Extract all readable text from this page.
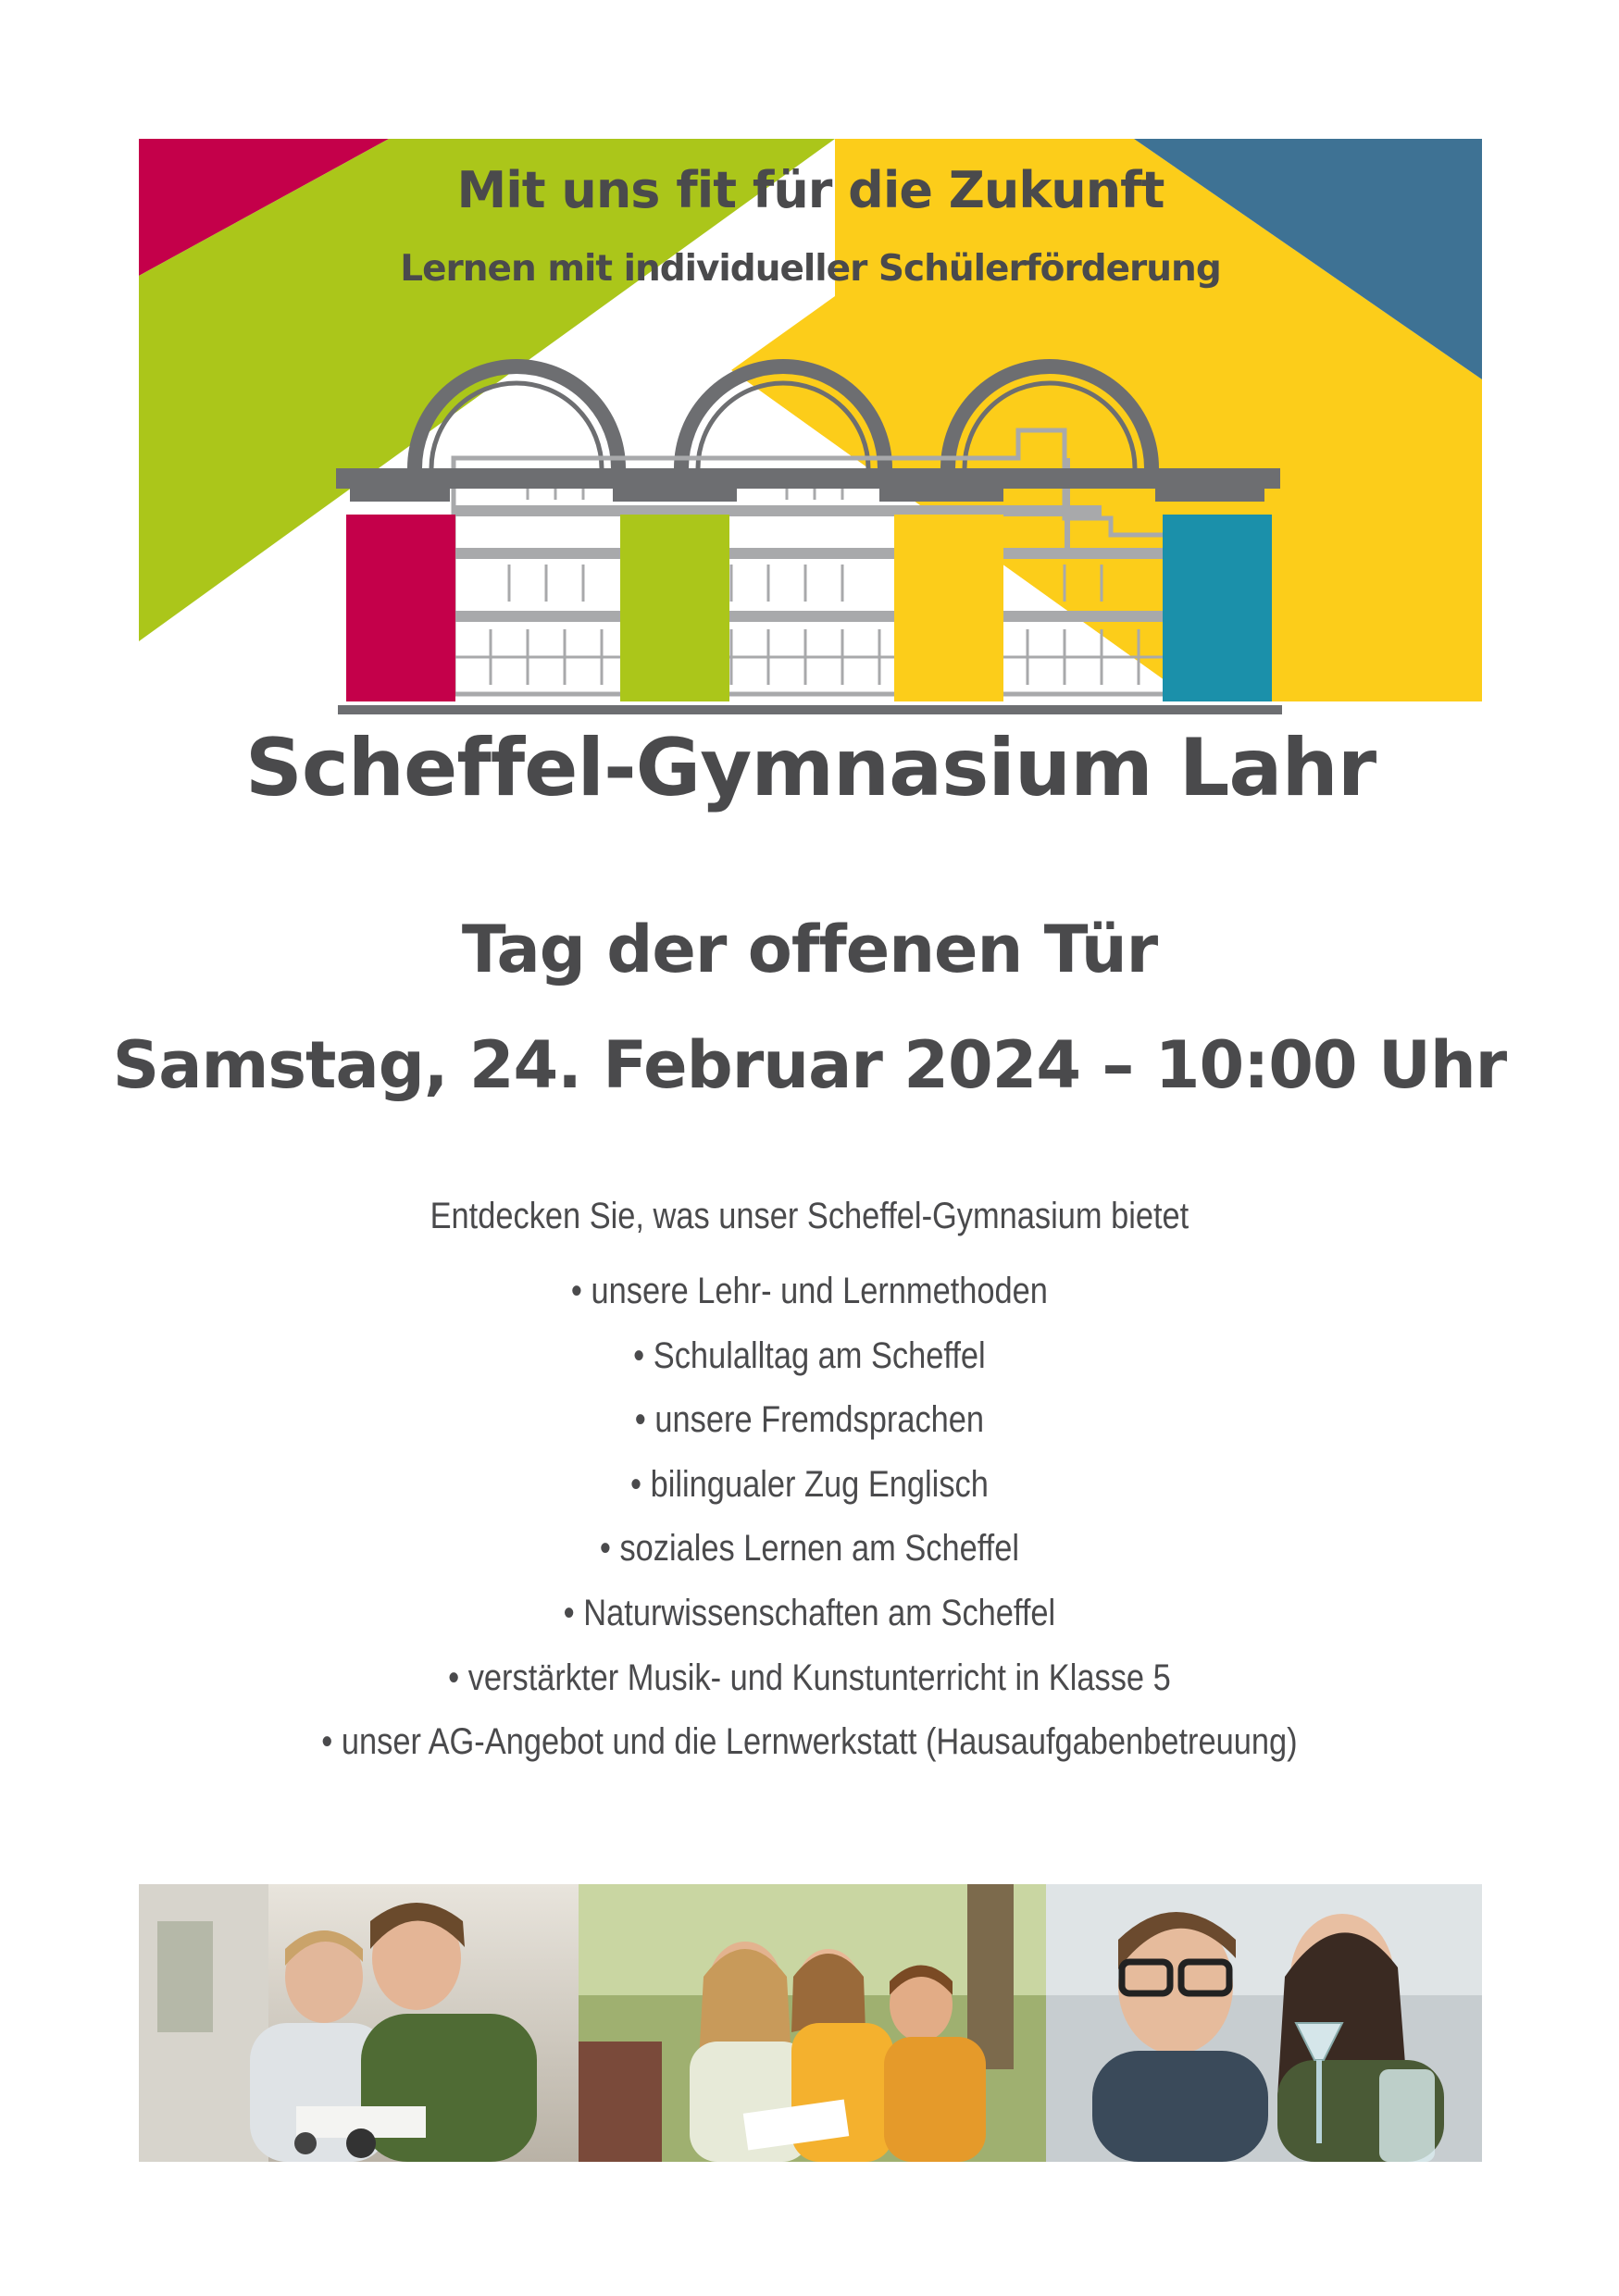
Mit uns fit für die Zukunft
Lernen mit individueller Schülerförderung
Scheffel-Gymnasium Lahr
Tag der offenen Tür
Samstag, 24. Februar 2024 – 10:00 Uhr
Entdecken Sie, was unser Scheffel-Gymnasium bietet
• unsere Lehr- und Lernmethoden
• Schulalltag am Scheffel
• unsere Fremdsprachen
• bilingualer Zug Englisch
• soziales Lernen am Scheffel
• Naturwissenschaften am Scheffel
• verstärkter Musik- und Kunstunterricht in Klasse 5
• unser AG-Angebot und die Lernwerkstatt (Hausaufgabenbetreuung)
